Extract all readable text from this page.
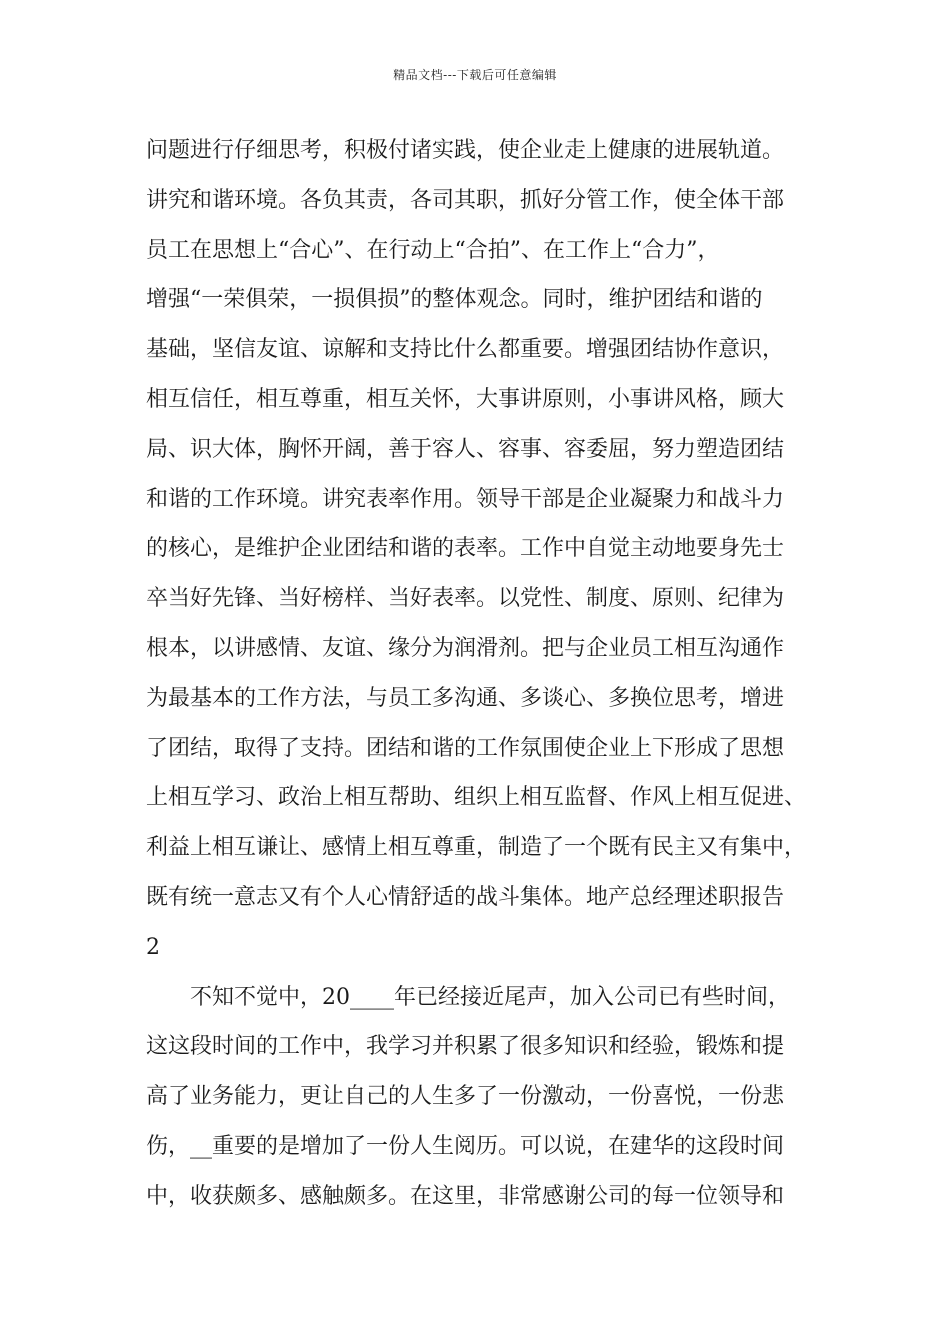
精品文档---下载后可任意编辑
问题进行仔细思考，积极付诸实践，使企业走上健康的进展轨道。
讲究和谐环境。各负其责，各司其职，抓好分管工作，使全体干部
员工在思想上“合心”、在行动上“合拍”、在工作上“合力”，
增强“一荣俱荣，一损俱损”的整体观念。同时，维护团结和谐的
基础，坚信友谊、谅解和支持比什么都重要。增强团结协作意识，
相互信任，相互尊重，相互关怀，大事讲原则，小事讲风格，顾大
局、识大体，胸怀开阔，善于容人、容事、容委屈，努力塑造团结
和谐的工作环境。讲究表率作用。领导干部是企业凝聚力和战斗力
的核心，是维护企业团结和谐的表率。工作中自觉主动地要身先士
卒当好先锋、当好榜样、当好表率。以党性、制度、原则、纪律为
根本，以讲感情、友谊、缘分为润滑剂。把与企业员工相互沟通作
为最基本的工作方法，与员工多沟通、多谈心、多换位思考，增进
了团结，取得了支持。团结和谐的工作氛围使企业上下形成了思想
上相互学习、政治上相互帮助、组织上相互监督、作风上相互促进、
利益上相互谦让、感情上相互尊重，制造了一个既有民主又有集中，
既有统一意志又有个人心情舒适的战斗集体。地产总经理述职报告
2
不知不觉中，20____年已经接近尾声，加入公司已有些时间，
这这段时间的工作中，我学习并积累了很多知识和经验，锻炼和提
高了业务能力，更让自己的人生多了一份激动，一份喜悦，一份悲
伤，__重要的是增加了一份人生阅历。可以说，在建华的这段时间
中，收获颇多、感触颇多。在这里，非常感谢公司的每一位领导和
